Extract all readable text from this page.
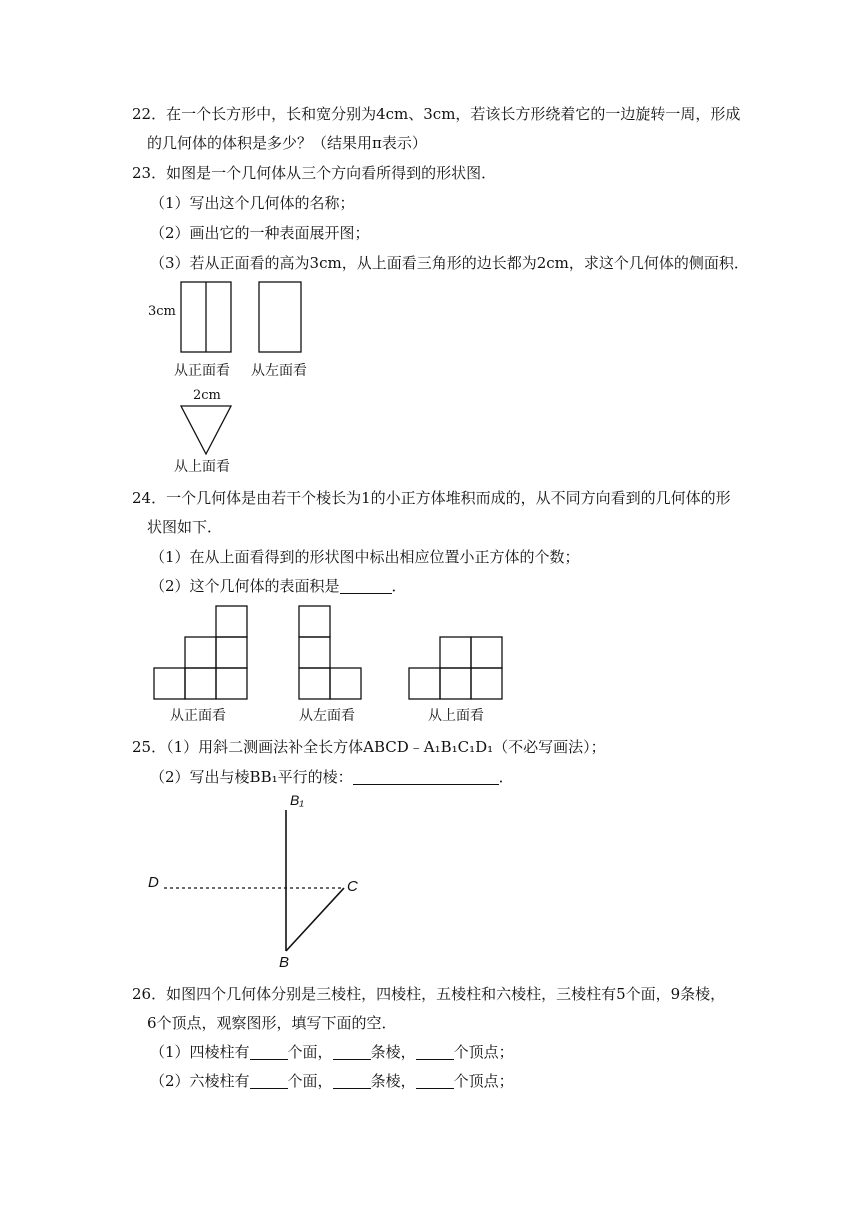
22．在一个长方形中，长和宽分别为4cm、3cm，若该长方形绕着它的一边旋转一周，形成
的几何体的体积是多少？（结果用π表示）
23．如图是一个几何体从三个方向看所得到的形状图．
（1）写出这个几何体的名称；
（2）画出它的一种表面展开图；
（3）若从正面看的高为3cm，从上面看三角形的边长都为2cm，求这个几何体的侧面积．
3cm
从正面看 从左面看
2cm
从上面看
24．一个几何体是由若干个棱长为1的小正方体堆积而成的，从不同方向看到的几何体的形
状图如下．
（1）在从上面看得到的形状图中标出相应位置小正方体的个数；
（2）这个几何体的表面积是	．
从正面看	从左面看	从上面看
25．（1）用斜二测画法补全长方体ABCD﹣A₁B₁C₁D₁（不必写画法）；
（2）写出与棱BB₁平行的棱：	．
B₁
D	C
B
26．如图四个几何体分别是三棱柱，四棱柱，五棱柱和六棱柱，三棱柱有5个面，9条棱，
6个顶点，观察图形，填写下面的空．
（1）四棱柱有	个面，	条棱，	个顶点；
（2）六棱柱有	个面，	条棱，	个顶点；
